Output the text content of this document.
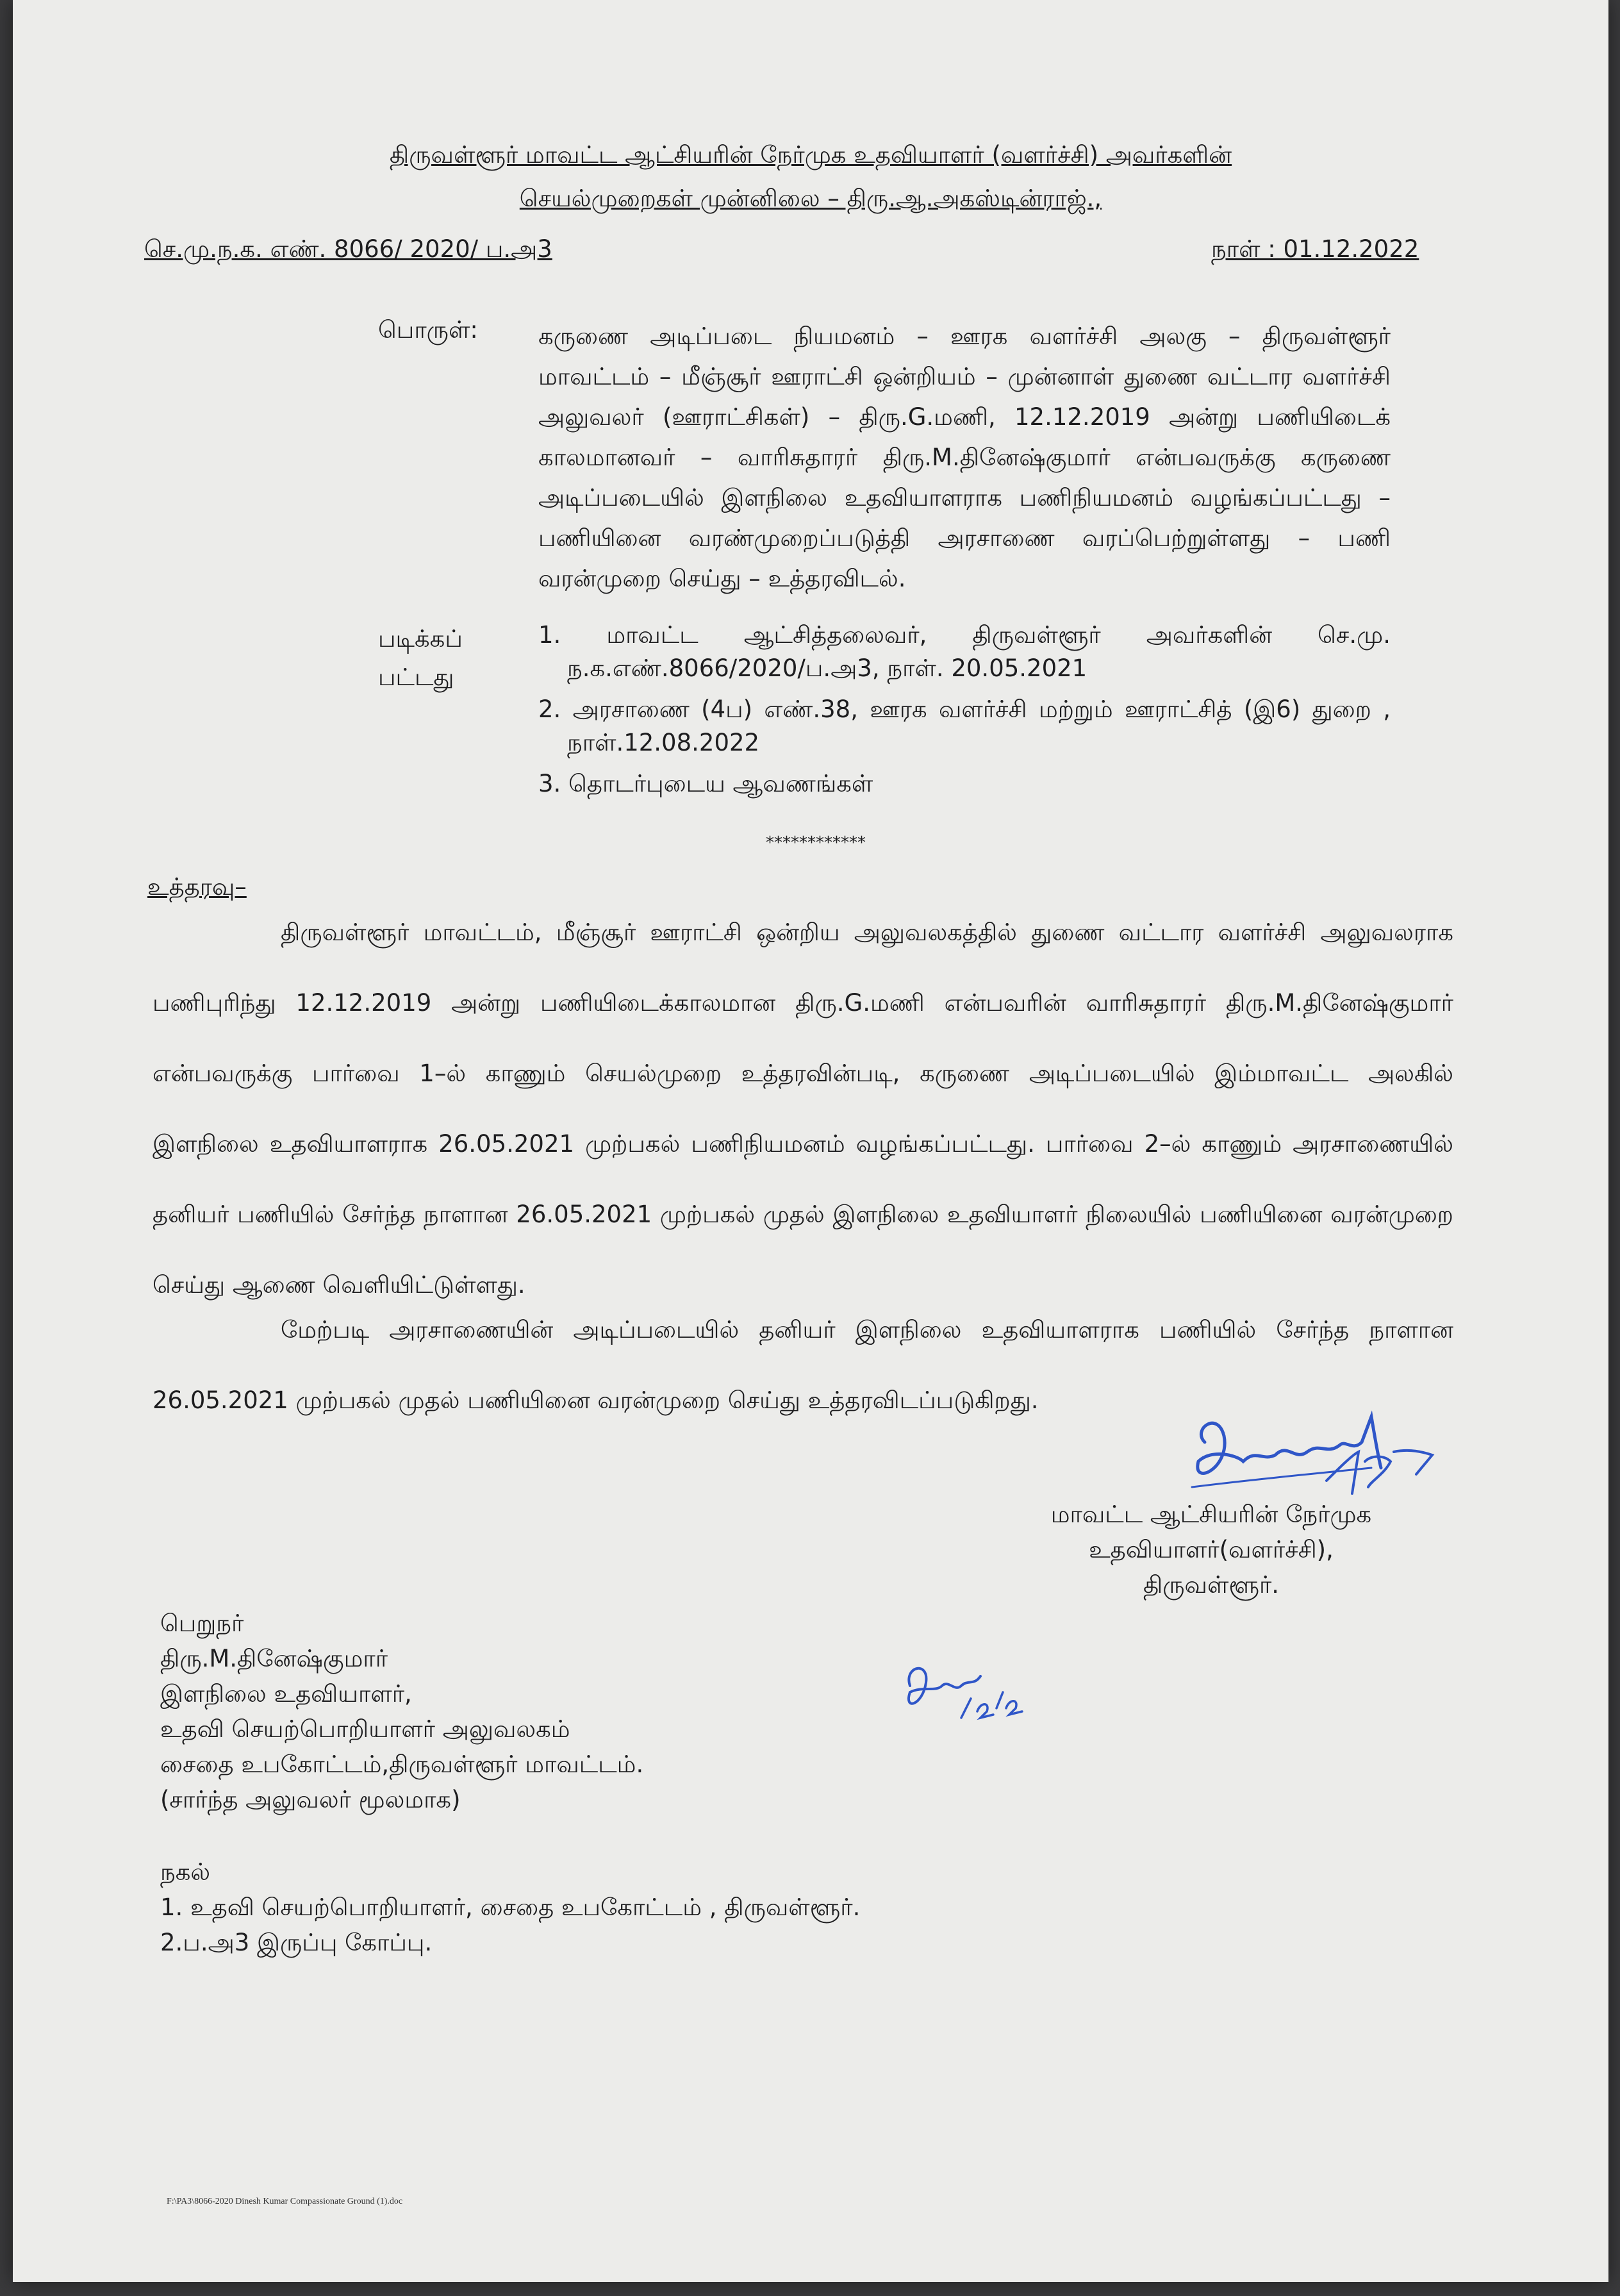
திருவள்ளூர் மாவட்ட ஆட்சியரின் நேர்முக உதவியாளர் (வளர்ச்சி) அவர்களின்
செயல்முறைகள் முன்னிலை – திரு.ஆ.அகஸ்டின்ராஜ்.,
செ.மு.ந.க. எண். 8066/ 2020/ ப.அ3	நாள் : 01.12.2022
பொருள்:	கருணை அடிப்படை நியமனம் – ஊரக வளர்ச்சி அலகு – திருவள்ளூர் மாவட்டம் – மீஞ்சூர் ஊராட்சி ஒன்றியம் – முன்னாள் துணை வட்டார வளர்ச்சி அலுவலர் (ஊராட்சிகள்) – திரு.G.மணி, 12.12.2019 அன்று பணியிடைக் காலமானவர் – வாரிசுதாரர் திரு.M.தினேஷ்குமார் என்பவருக்கு கருணை அடிப்படையில் இளநிலை உதவியாளராக பணிநியமனம் வழங்கப்பட்டது – பணியினை வரண்முறைப்படுத்தி அரசாணை வரப்பெற்றுள்ளது – பணி வரன்முறை செய்து – உத்தரவிடல்.
படிக்கப்
பட்டது
1. மாவட்ட ஆட்சித்தலைவர், திருவள்ளூர் அவர்களின் செ.மு. ந.க.எண்.8066/2020/ப.அ3, நாள். 20.05.2021
2. அரசாணை (4ப) எண்.38, ஊரக வளர்ச்சி மற்றும் ஊராட்சித் (இ6) துறை , நாள்.12.08.2022
3. தொடர்புடைய ஆவணங்கள்
************
உத்தரவு–
திருவள்ளூர் மாவட்டம், மீஞ்சூர் ஊராட்சி ஒன்றிய அலுவலகத்தில் துணை வட்டார வளர்ச்சி அலுவலராக பணிபுரிந்து 12.12.2019 அன்று பணியிடைக்காலமான திரு.G.மணி என்பவரின் வாரிசுதாரர் திரு.M.தினேஷ்குமார் என்பவருக்கு பார்வை 1–ல் காணும் செயல்முறை உத்தரவின்படி, கருணை அடிப்படையில் இம்மாவட்ட அலகில் இளநிலை உதவியாளராக 26.05.2021 முற்பகல் பணிநியமனம் வழங்கப்பட்டது. பார்வை 2–ல் காணும் அரசாணையில் தனியர் பணியில் சேர்ந்த நாளான 26.05.2021 முற்பகல் முதல் இளநிலை உதவியாளர் நிலையில் பணியினை வரன்முறை செய்து ஆணை வெளியிட்டுள்ளது.
மேற்படி அரசாணையின் அடிப்படையில் தனியர் இளநிலை உதவியாளராக பணியில் சேர்ந்த நாளான 26.05.2021 முற்பகல் முதல் பணியினை வரன்முறை செய்து உத்தரவிடப்படுகிறது.
மாவட்ட ஆட்சியரின் நேர்முக
உதவியாளர்(வளர்ச்சி),
திருவள்ளூர்.
பெறுநர்
திரு.M.தினேஷ்குமார்
இளநிலை உதவியாளர்,
உதவி செயற்பொறியாளர் அலுவலகம்
சைதை உபகோட்டம்,திருவள்ளூர் மாவட்டம்.
(சார்ந்த அலுவலர் மூலமாக)
நகல்
1. உதவி செயற்பொறியாளர், சைதை உபகோட்டம் , திருவள்ளூர்.
2.ப.அ3 இருப்பு கோப்பு.
F:\PA3\8066-2020 Dinesh Kumar Compassionate Ground (1).doc
